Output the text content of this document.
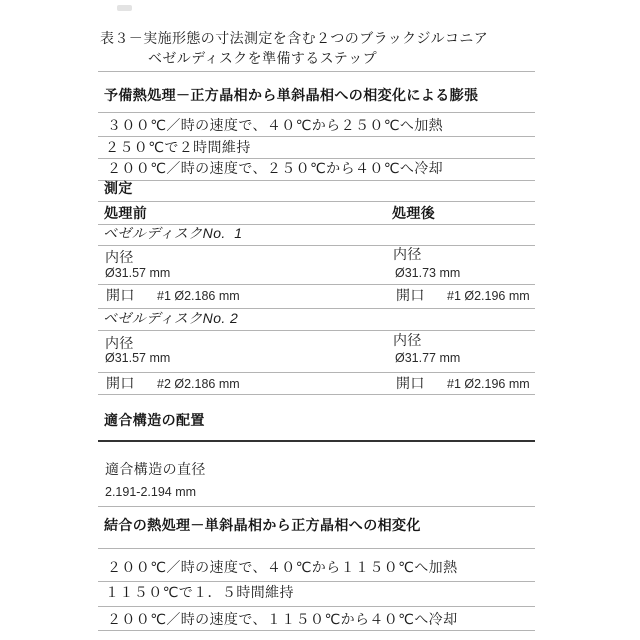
表３－実施形態の寸法測定を含む２つのブラックジルコニア
ベゼルディスクを準備するステップ
予備熱処理－正方晶相から単斜晶相への相変化による膨張
３００℃／時の速度で、４０℃から２５０℃へ加熱
２５０℃で２時間維持
２００℃／時の速度で、２５０℃から４０℃へ冷却
測定
処理前	処理後
ベゼルディスクNo.  1
内径	内径
Ø31.57 mm	Ø31.73 mm
開口 #1 Ø2.186 mm	開口 #1 Ø2.196 mm
ベゼルディスクNo. 2
内径	内径
Ø31.57 mm	Ø31.77 mm
開口 #2 Ø2.186 mm	開口 #1 Ø2.196 mm
適合構造の配置
適合構造の直径
2.191-2.194 mm
結合の熱処理－単斜晶相から正方晶相への相変化
２００℃／時の速度で、４０℃から１１５０℃へ加熱
１１５０℃で１．５時間維持
２００℃／時の速度で、１１５０℃から４０℃へ冷却
